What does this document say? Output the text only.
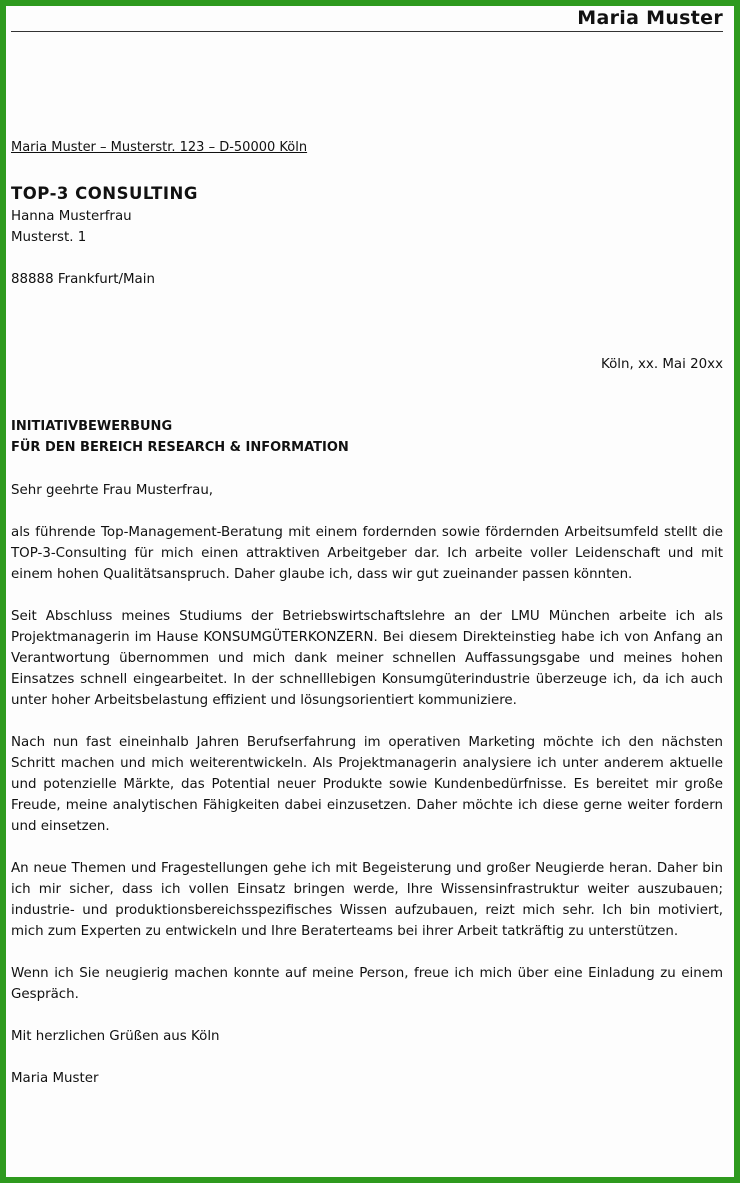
Maria Muster
Maria Muster – Musterstr. 123 – D-50000 Köln
TOP-3 CONSULTING
Hanna Musterfrau
Musterst. 1
88888 Frankfurt/Main
Köln, xx. Mai 20xx
INITIATIVBEWERBUNG
FÜR DEN BEREICH RESEARCH & INFORMATION

Sehr geehrte Frau Musterfrau,

als führende Top-Management-Beratung mit einem fordernden sowie fördernden Arbeitsumfeld stellt die TOP-3-Consulting für mich einen attraktiven Arbeitgeber dar. Ich arbeite voller Leidenschaft und mit einem hohen Qualitätsanspruch. Daher glaube ich, dass wir gut zueinander passen könnten.

Seit Abschluss meines Studiums der Betriebswirtschaftslehre an der LMU München arbeite ich als Projektmanagerin im Hause KONSUMGÜTERKONZERN. Bei diesem Direkteinstieg habe ich von Anfang an Verantwortung übernommen und mich dank meiner schnellen Auffassungsgabe und meines hohen Einsatzes schnell eingearbeitet. In der schnelllebigen Konsumgüterindustrie überzeuge ich, da ich auch unter hoher Arbeitsbelastung effizient und lösungsorientiert kommuniziere.

Nach nun fast eineinhalb Jahren Berufserfahrung im operativen Marketing möchte ich den nächsten Schritt machen und mich weiterentwickeln. Als Projektmanagerin analysiere ich unter anderem aktuelle und potenzielle Märkte, das Potential neuer Produkte sowie Kundenbedürfnisse. Es bereitet mir große Freude, meine analytischen Fähigkeiten dabei einzusetzen. Daher möchte ich diese gerne weiter fordern und einsetzen.

An neue Themen und Fragestellungen gehe ich mit Begeisterung und großer Neugierde heran. Daher bin ich mir sicher, dass ich vollen Einsatz bringen werde, Ihre Wissensinfrastruktur weiter auszubauen; industrie- und produktionsbereichsspezifisches Wissen aufzubauen, reizt mich sehr. Ich bin motiviert, mich zum Experten zu entwickeln und Ihre Beraterteams bei ihrer Arbeit tatkräftig zu unterstützen.

Wenn ich Sie neugierig machen konnte auf meine Person, freue ich mich über eine Einladung zu einem Gespräch.

Mit herzlichen Grüßen aus Köln

Maria Muster
